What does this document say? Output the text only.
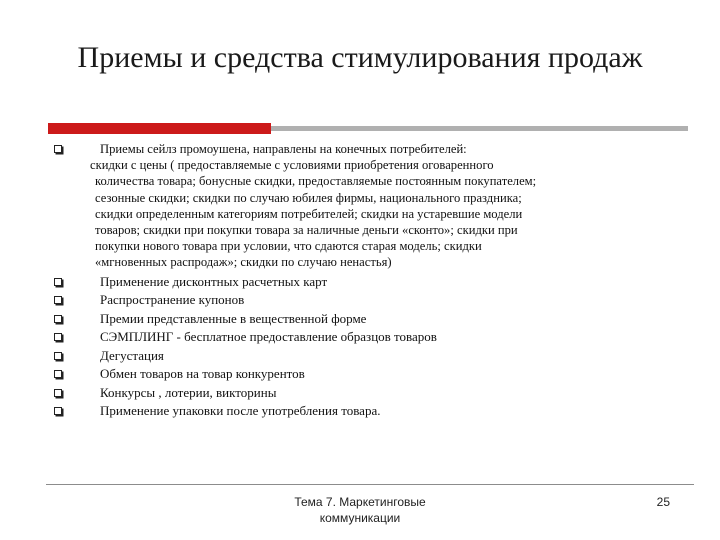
Приемы и средства стимулирования продаж
Приемы сейлз промоушена, направлены на конечных потребителей:
скидки с цены ( предоставляемые с условиями приобретения оговаренного
количества товара; бонусные скидки, предоставляемые постоянным покупателем;
сезонные скидки; скидки по случаю юбилея фирмы, национального праздника;
скидки определенным категориям потребителей; скидки на устаревшие модели
товаров; скидки при покупки товара за наличные деньги «сконто»; скидки при
покупки нового товара при условии, что сдаются старая модель; скидки
«мгновенных распродаж»; скидки по случаю ненастья)
Применение дисконтных расчетных карт
Распространение купонов
Премии представленные в вещественной форме
СЭМПЛИНГ - бесплатное предоставление образцов товаров
Дегустация
Обмен товаров на товар конкурентов
Конкурсы , лотерии, викторины
Применение упаковки после употребления товара.
Тема 7. Маркетинговые коммуникации
25
